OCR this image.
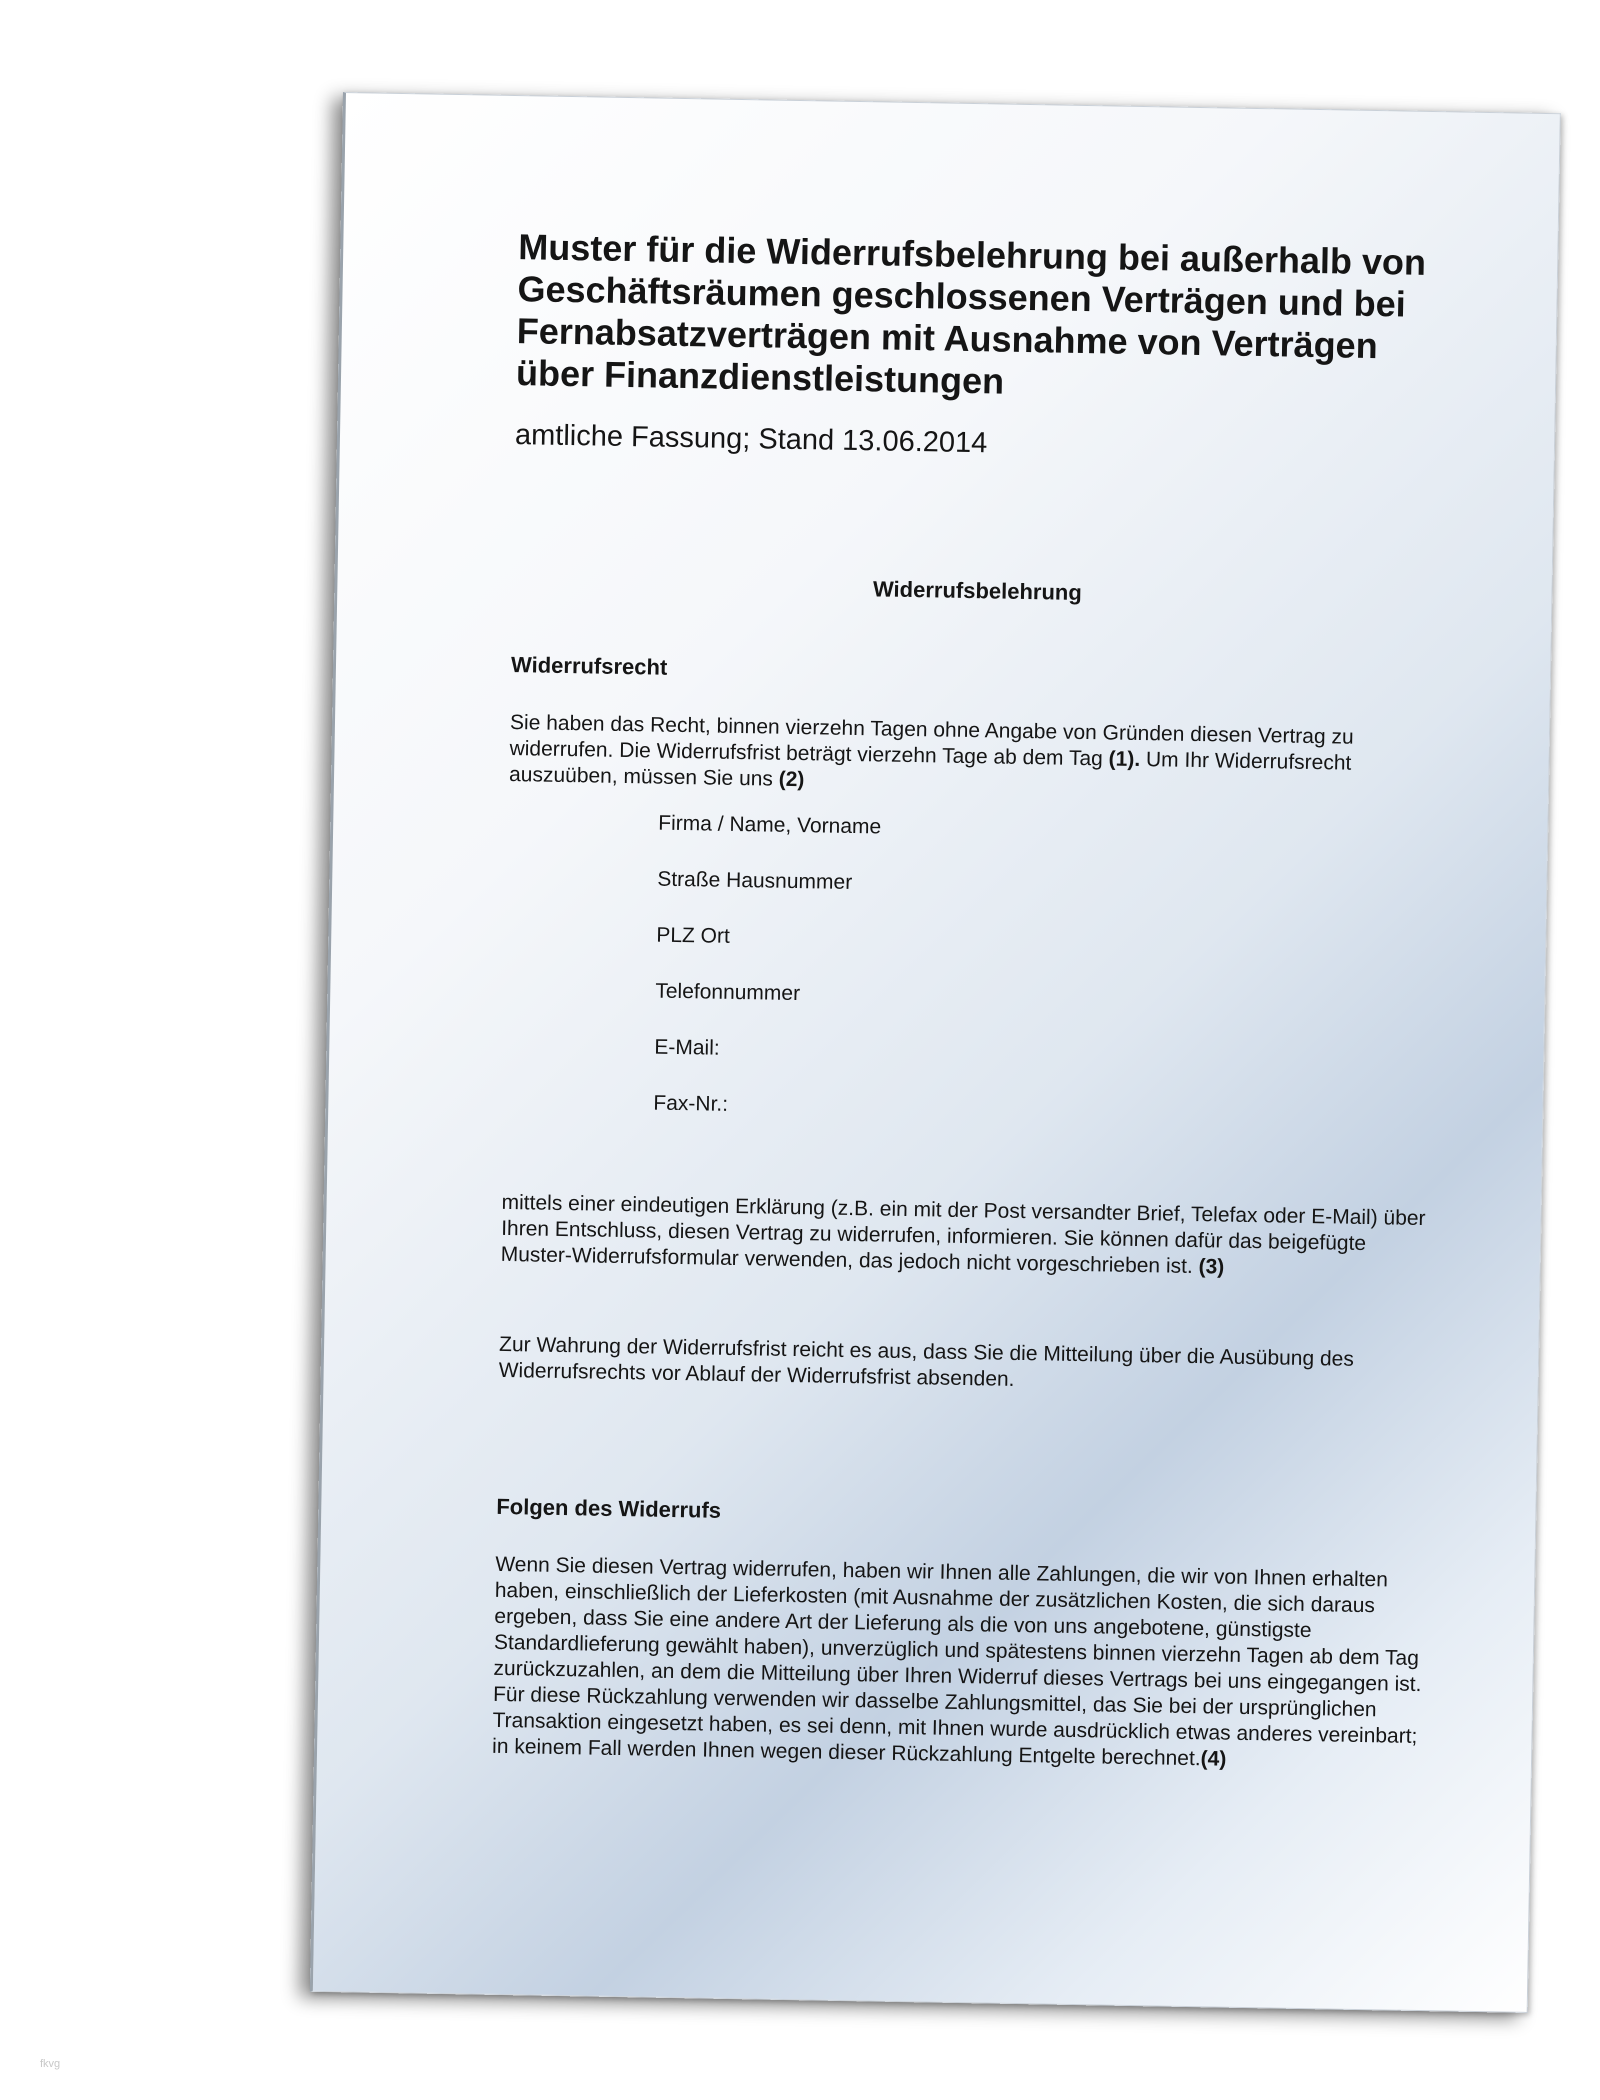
Muster für die Widerrufsbelehrung bei außerhalb von Geschäftsräumen geschlossenen Verträgen und bei Fernabsatzverträgen mit Ausnahme von Verträgen über Finanzdienstleistungen
amtliche Fassung; Stand 13.06.2014
Widerrufsbelehrung
Widerrufsrecht

Sie haben das Recht, binnen vierzehn Tagen ohne Angabe von Gründen diesen Vertrag zu widerrufen. Die Widerrufsfrist beträgt vierzehn Tage ab dem Tag (1). Um Ihr Widerrufsrecht auszuüben, müssen Sie uns (2)

Firma / Name, Vorname
Straße Hausnummer
PLZ Ort
Telefonnummer
E-Mail:
Fax-Nr.:

mittels einer eindeutigen Erklärung (z.B. ein mit der Post versandter Brief, Telefax oder E-Mail) über Ihren Entschluss, diesen Vertrag zu widerrufen, informieren. Sie können dafür das beigefügte Muster-Widerrufsformular verwenden, das jedoch nicht vorgeschrieben ist. (3)

Zur Wahrung der Widerrufsfrist reicht es aus, dass Sie die Mitteilung über die Ausübung des Widerrufsrechts vor Ablauf der Widerrufsfrist absenden.

Folgen des Widerrufs

Wenn Sie diesen Vertrag widerrufen, haben wir Ihnen alle Zahlungen, die wir von Ihnen erhalten haben, einschließlich der Lieferkosten (mit Ausnahme der zusätzlichen Kosten, die sich daraus ergeben, dass Sie eine andere Art der Lieferung als die von uns angebotene, günstigste Standardlieferung gewählt haben), unverzüglich und spätestens binnen vierzehn Tagen ab dem Tag zurückzuzahlen, an dem die Mitteilung über Ihren Widerruf dieses Vertrags bei uns eingegangen ist. Für diese Rückzahlung verwenden wir dasselbe Zahlungsmittel, das Sie bei der ursprünglichen Transaktion eingesetzt haben, es sei denn, mit Ihnen wurde ausdrücklich etwas anderes vereinbart; in keinem Fall werden Ihnen wegen dieser Rückzahlung Entgelte berechnet.(4)

fkvg
